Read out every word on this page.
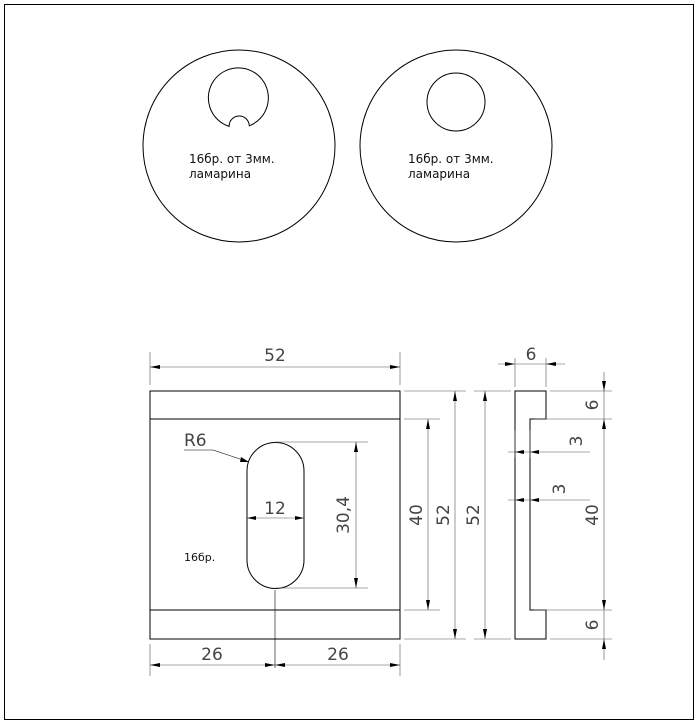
16бр. от 3мм.
ламарина
16бр. от 3мм.
ламарина
R6
16бр.
52
12	30,4	40 52
26	26
6
52
3
3
6
40
6
